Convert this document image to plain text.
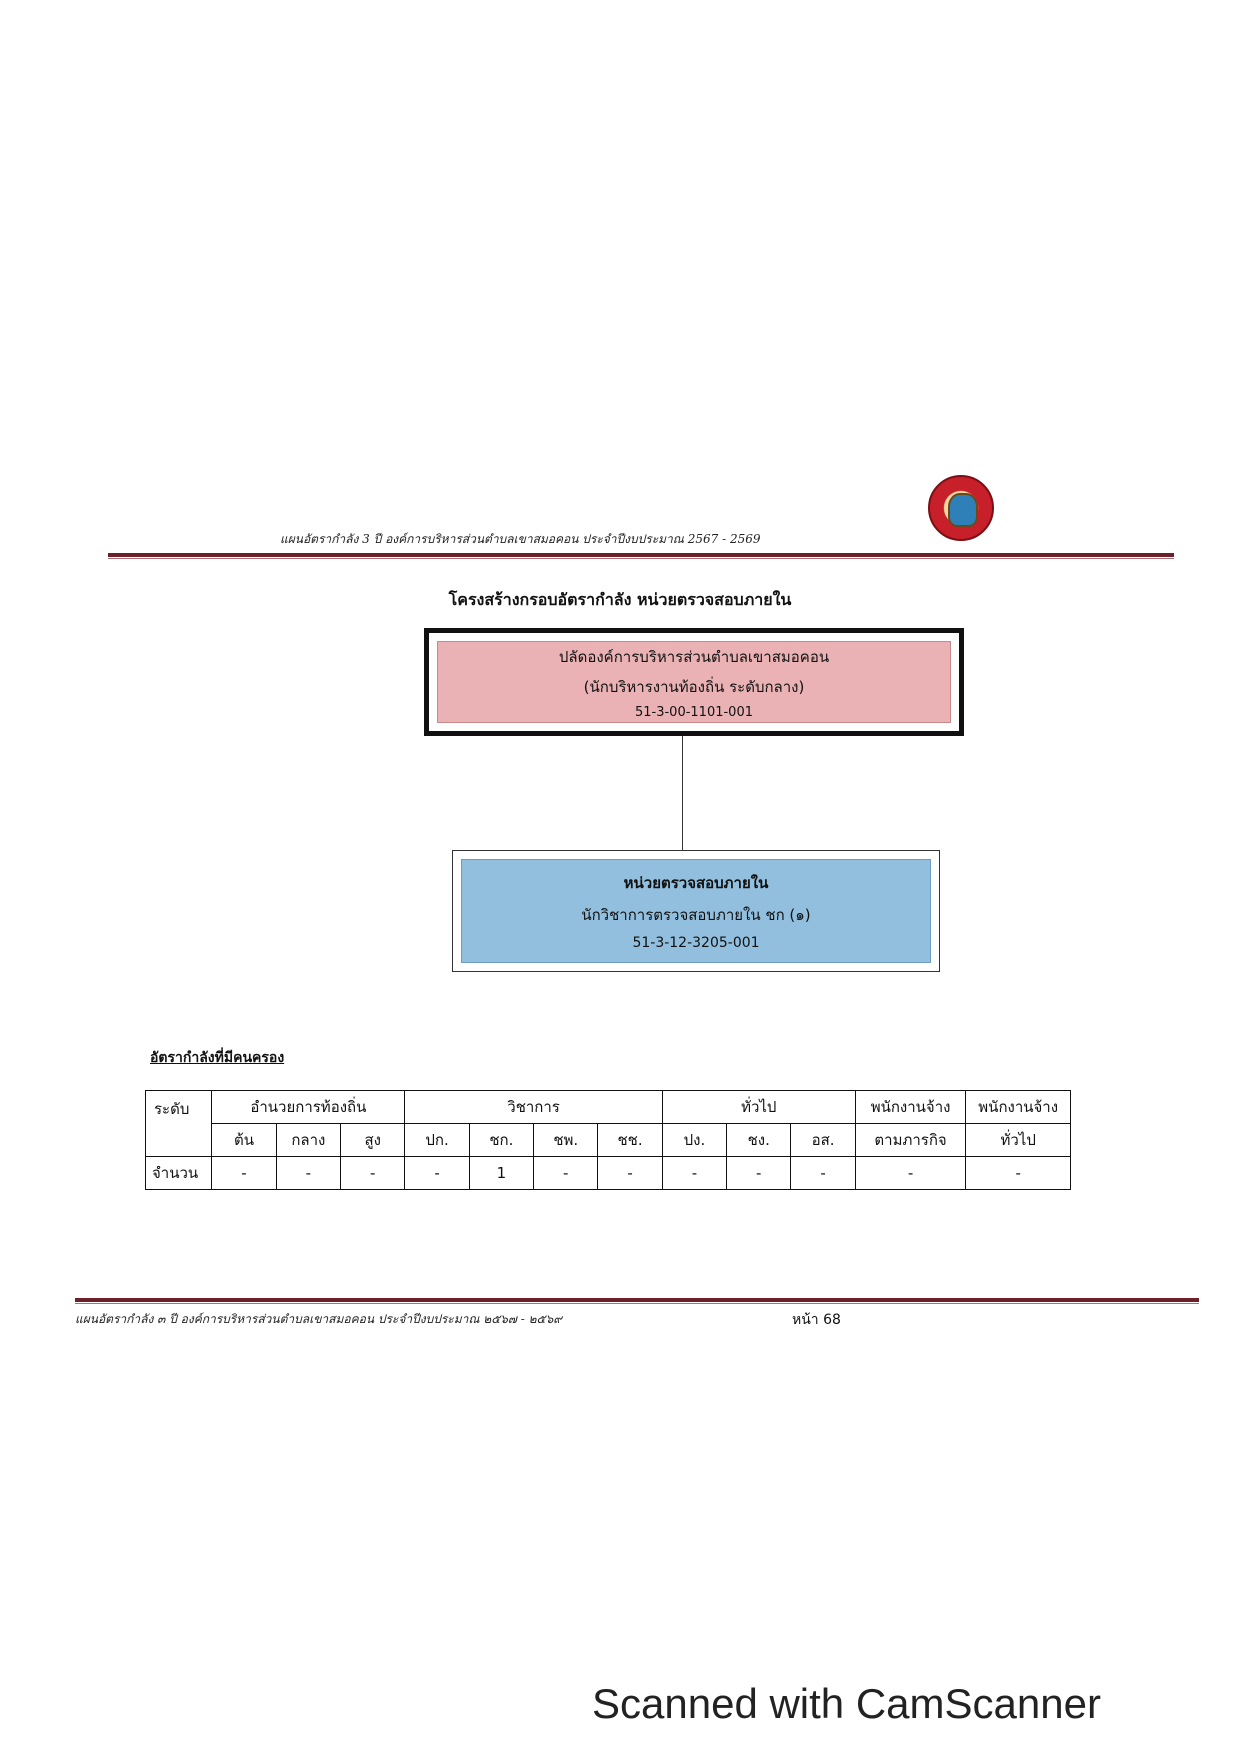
แผนอัตรากำลัง 3 ปี องค์การบริหารส่วนตำบลเขาสมอคอน ประจำปีงบประมาณ 2567 - 2569
โครงสร้างกรอบอัตรากำลัง หน่วยตรวจสอบภายใน
ปลัดองค์การบริหารส่วนตำบลเขาสมอคอน
(นักบริหารงานท้องถิ่น ระดับกลาง)
51-3-00-1101-001
หน่วยตรวจสอบภายใน
นักวิชาการตรวจสอบภายใน ชก (๑)
51-3-12-3205-001
อัตรากำลังที่มีคนครอง
ระดับ	อำนวยการท้องถิ่น			วิชาการ				ทั่วไป			พนักงานจ้าง	พนักงานจ้าง
	ต้น	กลาง	สูง	ปก.	ชก.	ชพ.	ชช.	ปง.	ชง.	อส.	ตามภารกิจ	ทั่วไป
จำนวน	-	-	-	-	1	-	-	-	-	-	-	-
แผนอัตรากำลัง ๓ ปี องค์การบริหารส่วนตำบลเขาสมอคอน ประจำปีงบประมาณ ๒๕๖๗ - ๒๕๖๙	หน้า 68
Scanned with CamScanner
